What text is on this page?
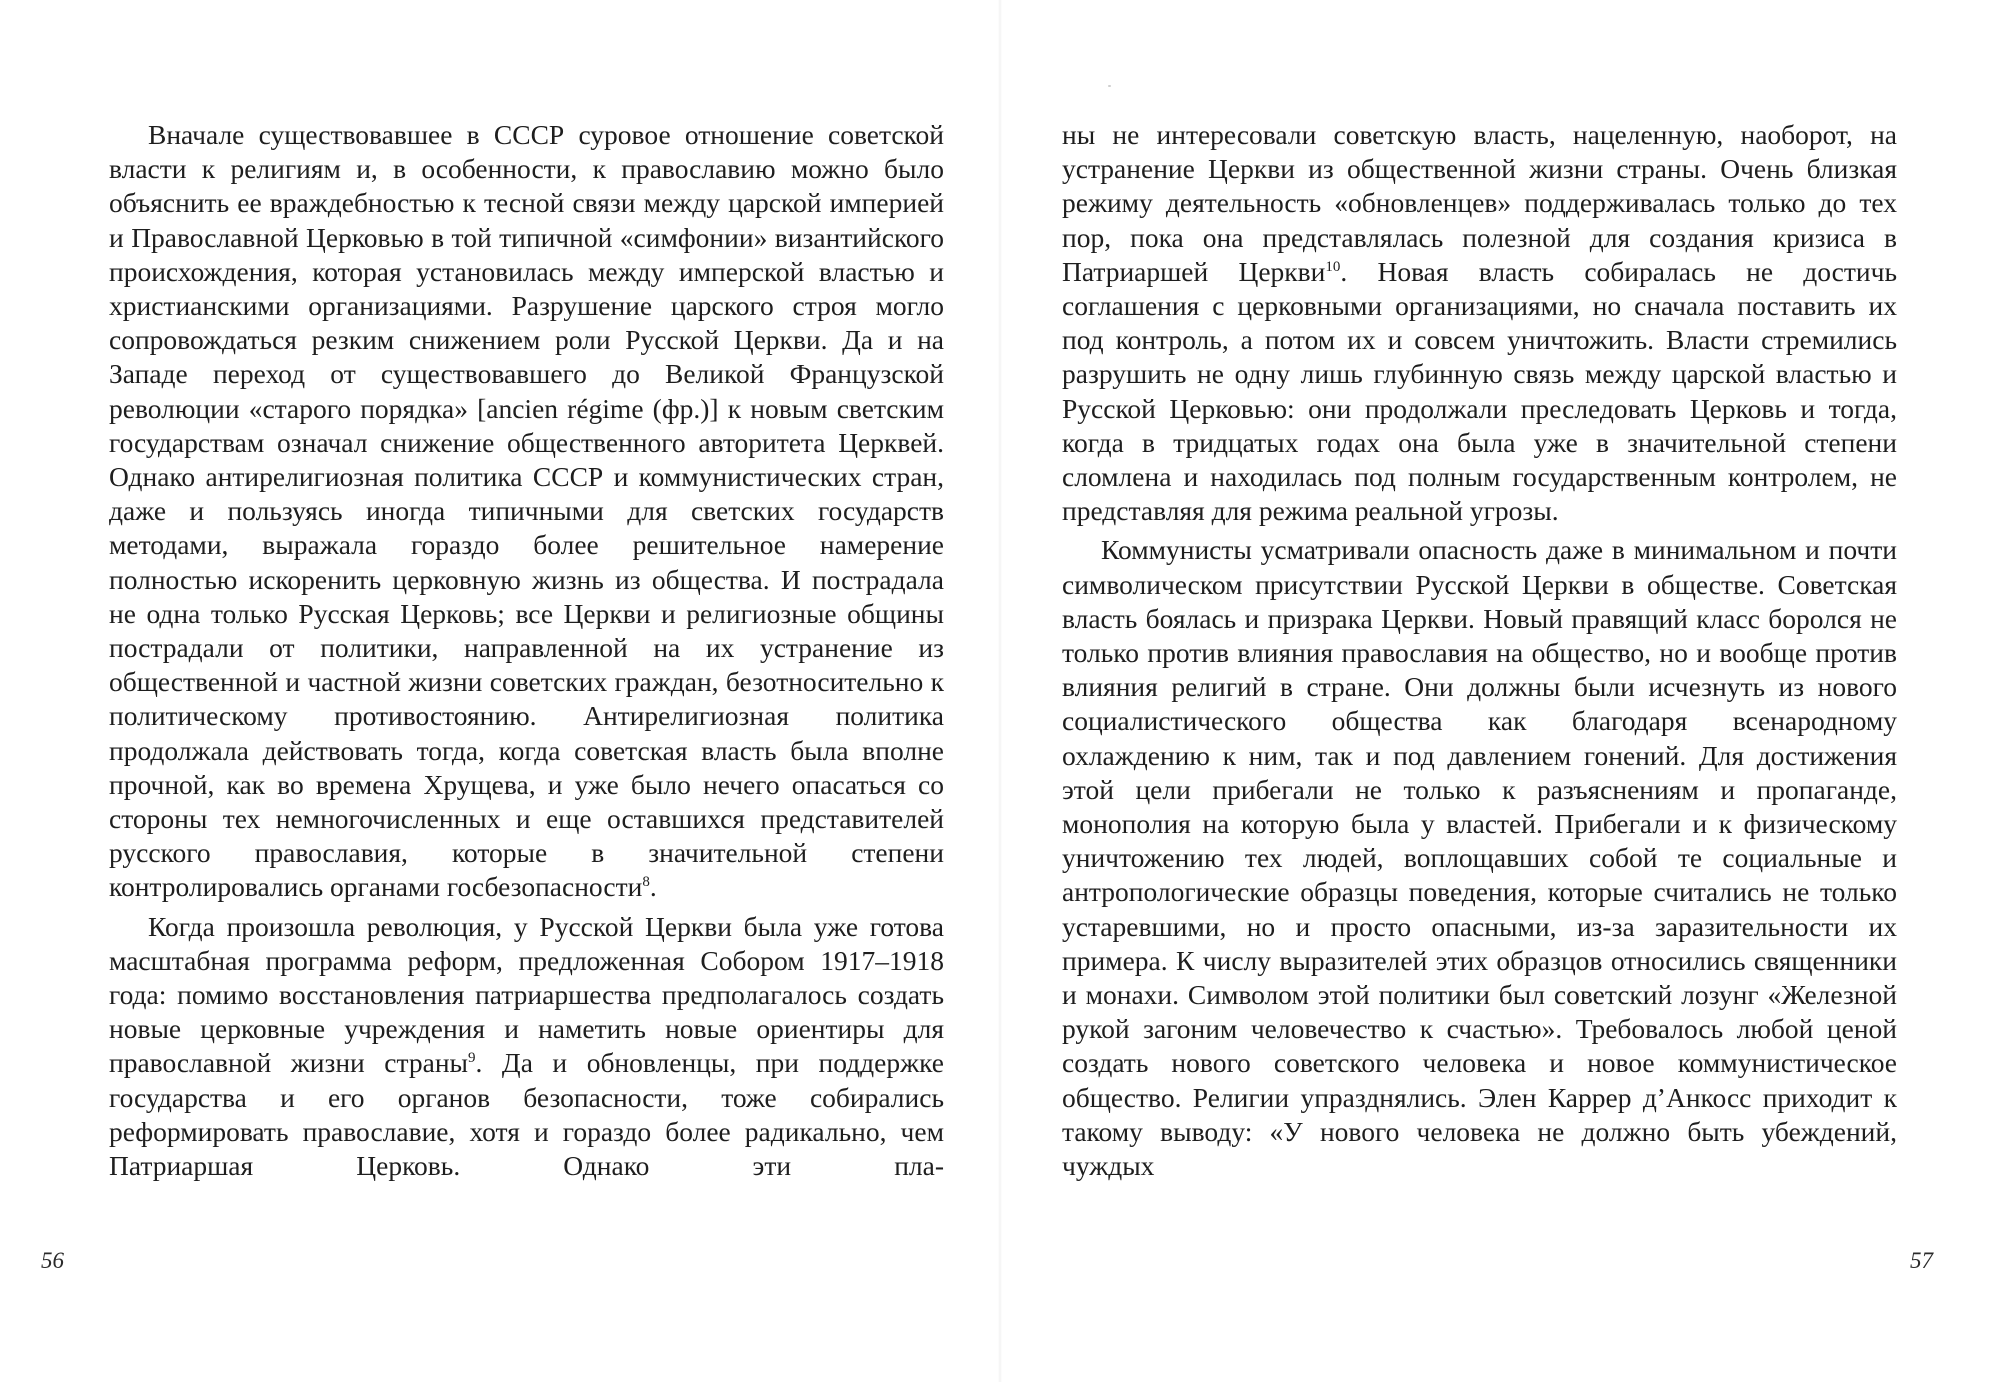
Вначале существовавшее в СССР суровое отношение советской власти к религиям и, в особенности, к православию можно было объяснить ее враждебностью к тесной связи между царской империей и Православной Церковью в той типичной «симфонии» византийского происхождения, которая установилась между имперской властью и христианскими организациями. Разрушение царского строя могло сопровождаться резким снижением роли Русской Церкви. Да и на Западе переход от существовавшего до Великой Французской революции «старого порядка» [ancien régime (фр.)] к новым светским государствам означал снижение общественного авторитета Церквей. Однако антирелигиозная политика СССР и коммунистических стран, даже и пользуясь иногда типичными для светских государств методами, выражала гораздо более решительное намерение полностью искоренить церковную жизнь из общества. И пострадала не одна только Русская Церковь; все Церкви и религиозные общины пострадали от политики, направленной на их устранение из общественной и частной жизни советских граждан, безотносительно к политическому противостоянию. Антирелигиозная политика продолжала действовать тогда, когда советская власть была вполне прочной, как во времена Хрущева, и уже было нечего опасаться со стороны тех немногочисленных и еще оставшихся представителей русского православия, которые в значительной степени контролировались органами госбезопасности$^8$.

Когда произошла революция, у Русской Церкви была уже готова масштабная программа реформ, предложенная Собором 1917–1918 года: помимо восстановления патриаршества предполагалось создать новые церковные учреждения и наметить новые ориентиры для православной жизни страны$^9$. Да и обновленцы, при поддержке государства и его органов безопасности, тоже собирались реформировать православие, хотя и гораздо более радикально, чем Патриаршая Церковь. Однако эти пла-

56

ны не интересовали советскую власть, нацеленную, наоборот, на устранение Церкви из общественной жизни страны. Очень близкая режиму деятельность «обновленцев» поддерживалась только до тех пор, пока она представлялась полезной для создания кризиса в Патриаршей Церкви$^{10}$. Новая власть собиралась не достичь соглашения с церковными организациями, но сначала поставить их под контроль, а потом их и совсем уничтожить. Власти стремились разрушить не одну лишь глубинную связь между царской властью и Русской Церковью: они продолжали преследовать Церковь и тогда, когда в тридцатых годах она была уже в значительной степени сломлена и находилась под полным государственным контролем, не представляя для режима реальной угрозы.

Коммунисты усматривали опасность даже в минимальном и почти символическом присутствии Русской Церкви в обществе. Советская власть боялась и призрака Церкви. Новый правящий класс боролся не только против влияния православия на общество, но и вообще против влияния религий в стране. Они должны были исчезнуть из нового социалистического общества как благодаря всенародному охлаждению к ним, так и под давлением гонений. Для достижения этой цели прибегали не только к разъяснениям и пропаганде, монополия на которую была у властей. Прибегали и к физическому уничтожению тех людей, воплощавших собой те социальные и антропологические образцы поведения, которые считались не только устаревшими, но и просто опасными, из-за заразительности их примера. К числу выразителей этих образцов относились священники и монахи. Символом этой политики был советский лозунг «Железной рукой загоним человечество к счастью». Требовалось любой ценой создать нового советского человека и новое коммунистическое общество. Религии упразднялись. Элен Каррер д’Анкосс приходит к такому выводу: «У нового человека не должно быть убеждений, чуждых

57
